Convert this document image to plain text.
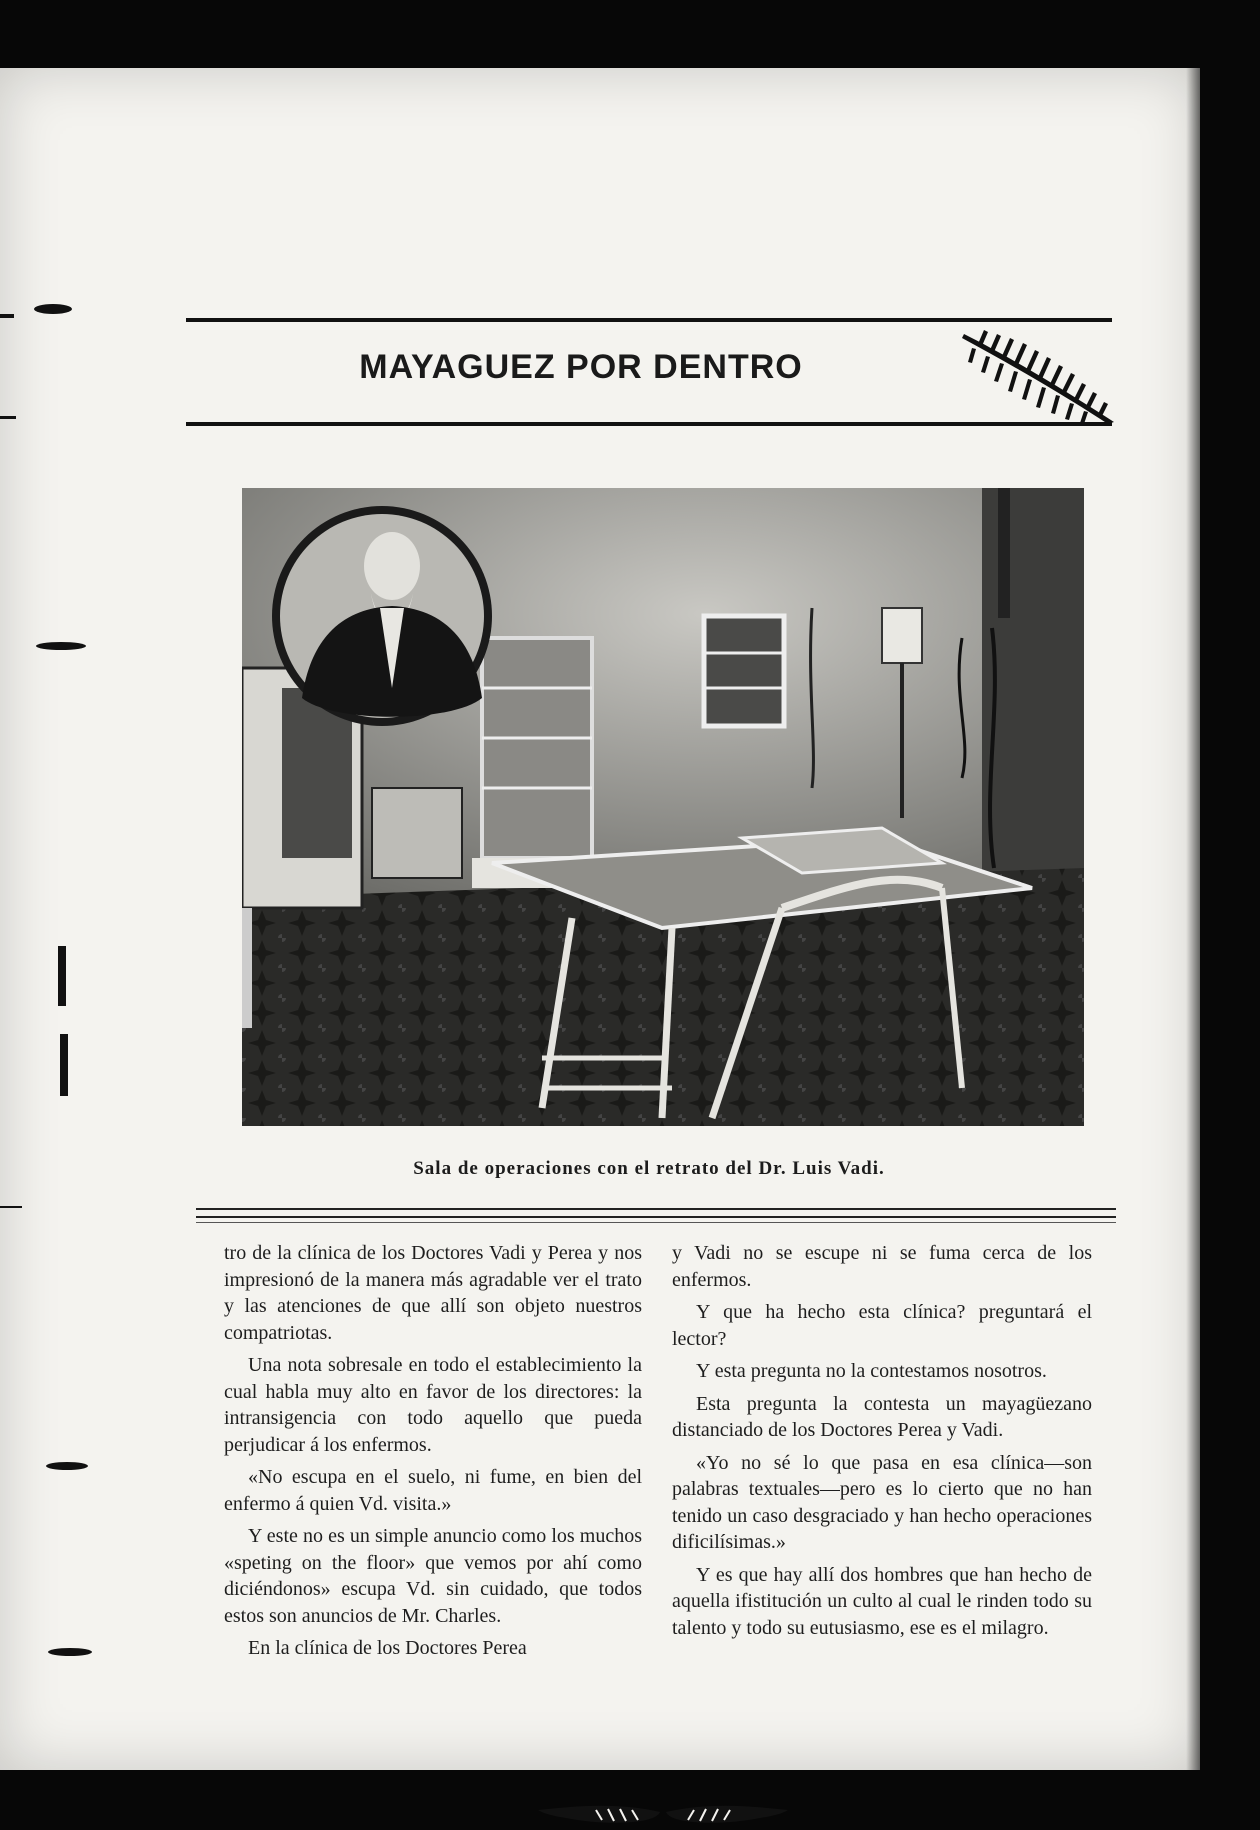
MAYAGUEZ POR DENTRO
Sala de operaciones con el retrato del Dr. Luis Vadi.

tro de la clínica de los Doctores Vadi y Perea y nos impresionó de la manera más agradable ver el trato y las atenciones de que allí son objeto nuestros compatriotas.

Una nota sobresale en todo el establecimiento la cual habla muy alto en favor de los directores: la intransigencia con todo aquello que pueda perjudicar á los enfermos.

«No escupa en el suelo, ni fume, en bien del enfermo á quien Vd. visita.»

Y este no es un simple anuncio como los muchos «speting on the floor» que vemos por ahí como diciéndonos» escupa Vd. sin cuidado, que todos estos son anuncios de Mr. Charles.

En la clínica de los Doctores Perea

y Vadi no se escupe ni se fuma cerca de los enfermos.

Y que ha hecho esta clínica? preguntará el lector?

Y esta pregunta no la contestamos nosotros.

Esta pregunta la contesta un mayagüezano distanciado de los Doctores Perea y Vadi.

«Yo no sé lo que pasa en esa clínica—son palabras textuales—pero es lo cierto que no han tenido un caso desgraciado y han hecho operaciones dificilísimas.»

Y es que hay allí dos hombres que han hecho de aquella ifistitución un culto al cual le rinden todo su talento y todo su eutusiasmo, ese es el milagro.
